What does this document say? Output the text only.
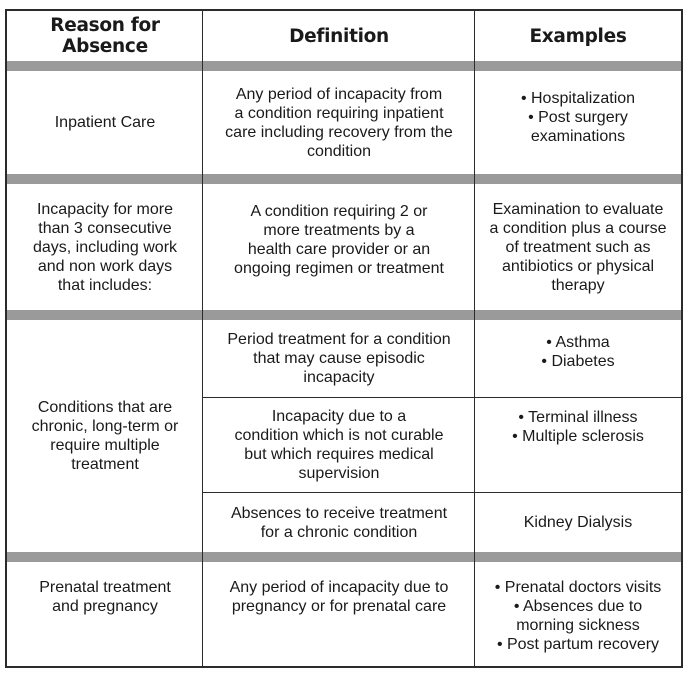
Reason for Absence	Definition	Examples
Inpatient Care
Any period of incapacity from
a condition requiring inpatient
care including recovery from the
condition
• Hospitalization
• Post surgery
examinations
Incapacity for more
than 3 consecutive
days, including work
and non work days
that includes:
A condition requiring 2 or
more treatments by a
health care provider or an
ongoing regimen or treatment
Examination to evaluate
a condition plus a course
of treatment such as
antibiotics or physical
therapy
Conditions that are
chronic, long-term or
require multiple
treatment
Period treatment for a condition
that may cause episodic
incapacity
• Asthma
• Diabetes
Incapacity due to a
condition which is not curable
but which requires medical
supervision
• Terminal illness
• Multiple sclerosis
Absences to receive treatment
for a chronic condition
Kidney Dialysis
Prenatal treatment
and pregnancy
Any period of incapacity due to
pregnancy or for prenatal care
• Prenatal doctors visits
• Absences due to
morning sickness
• Post partum recovery
